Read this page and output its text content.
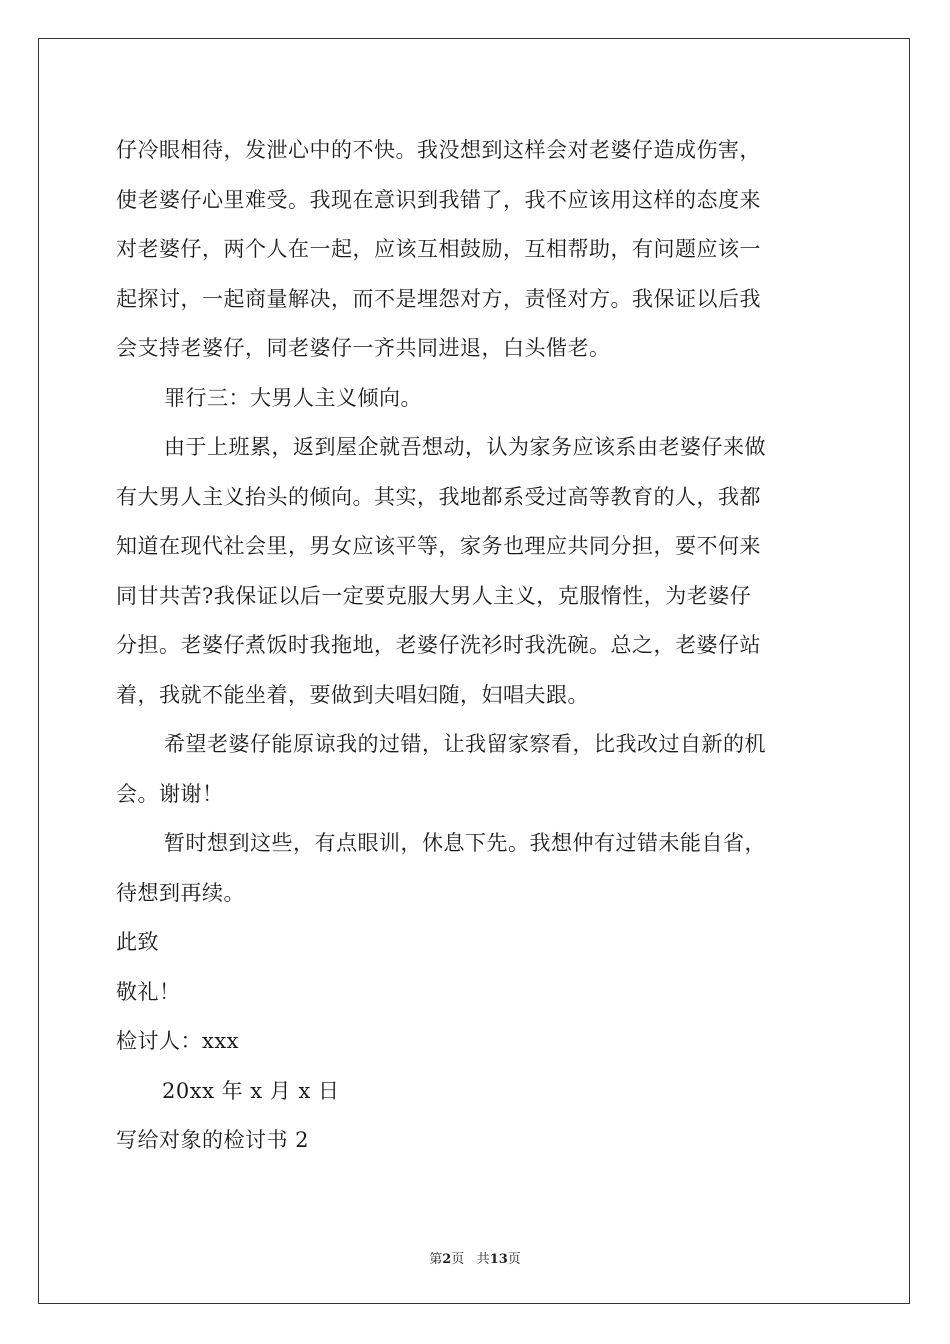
仔冷眼相待，发泄心中的不快。我没想到这样会对老婆仔造成伤害，
使老婆仔心里难受。我现在意识到我错了，我不应该用这样的态度来
对老婆仔，两个人在一起，应该互相鼓励，互相帮助，有问题应该一
起探讨，一起商量解决，而不是埋怨对方，责怪对方。我保证以后我
会支持老婆仔，同老婆仔一齐共同进退，白头偕老。
罪行三：大男人主义倾向。
由于上班累，返到屋企就吾想动，认为家务应该系由老婆仔来做
有大男人主义抬头的倾向。其实，我地都系受过高等教育的人，我都
知道在现代社会里，男女应该平等，家务也理应共同分担，要不何来
同甘共苦?我保证以后一定要克服大男人主义，克服惰性，为老婆仔
分担。老婆仔煮饭时我拖地，老婆仔洗衫时我洗碗。总之，老婆仔站
着，我就不能坐着，要做到夫唱妇随，妇唱夫跟。
希望老婆仔能原谅我的过错，让我留家察看，比我改过自新的机
会。谢谢！
暂时想到这些，有点眼训，休息下先。我想仲有过错未能自省，
待想到再续。
此致
敬礼！
检讨人：xxx
20xx 年 x 月 x 日
写给对象的检讨书 2
第2页 共13页
